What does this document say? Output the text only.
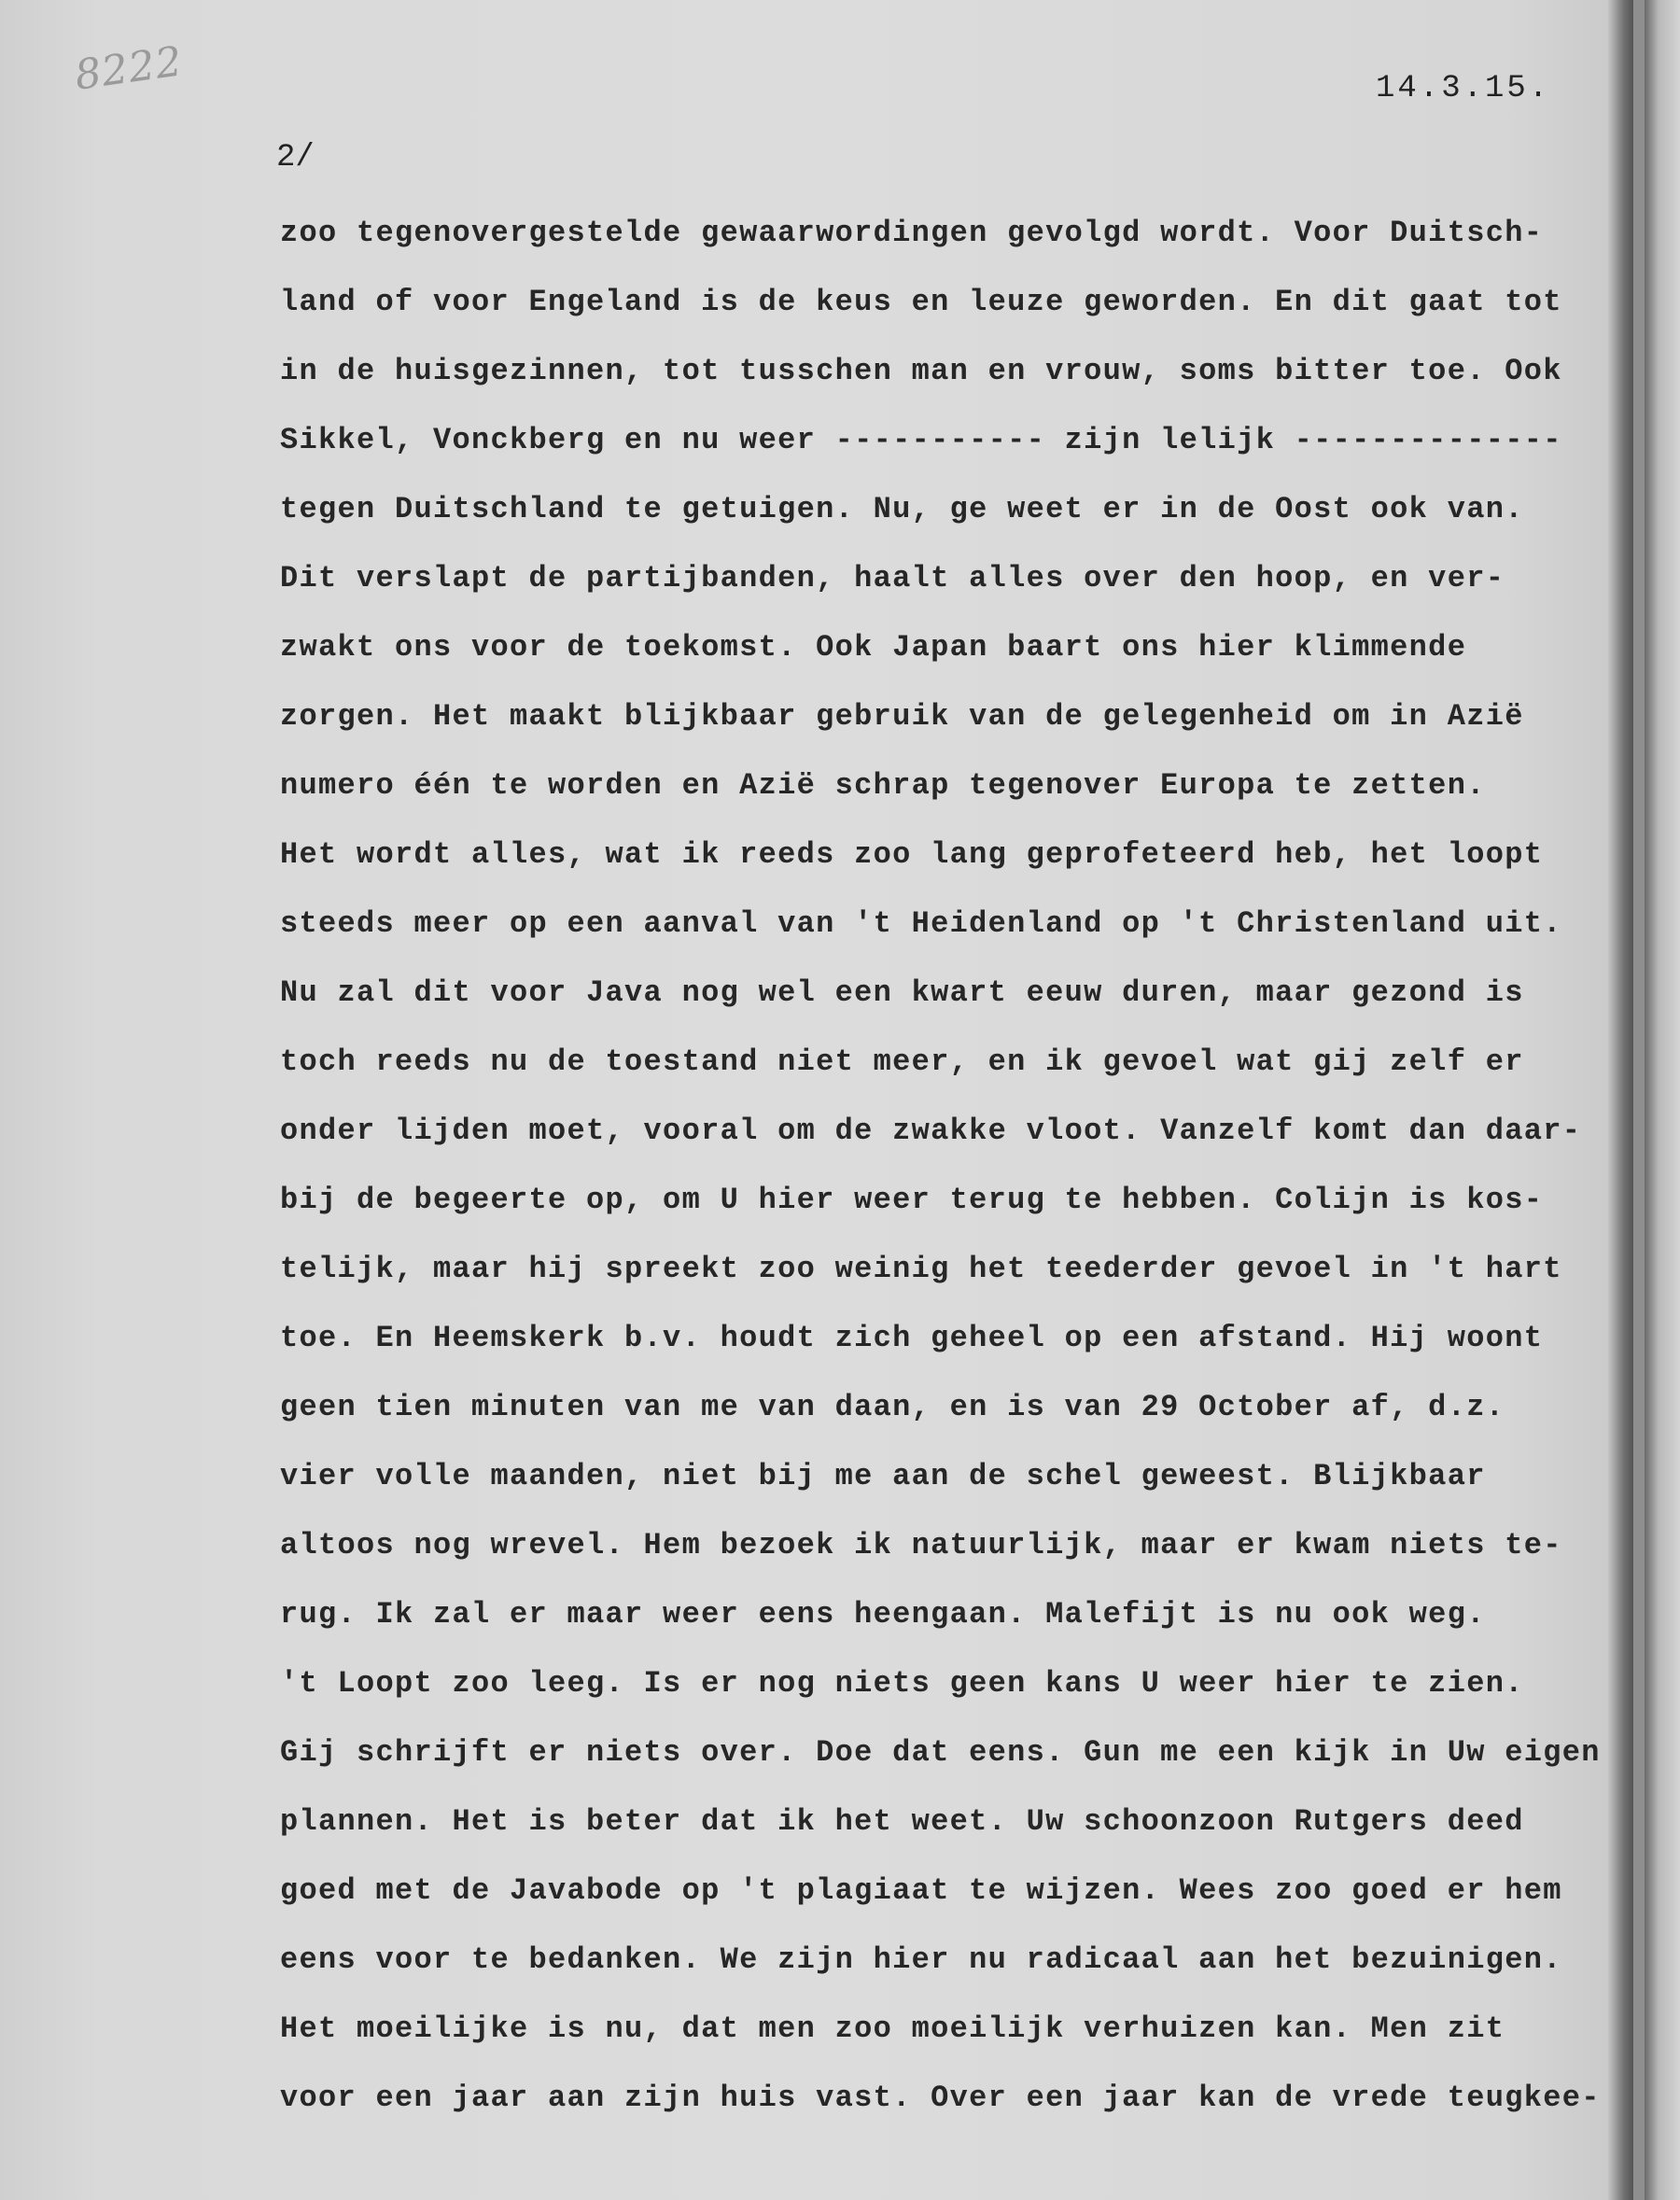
8222	14.3.15.
2/
zoo tegenovergestelde gewaarwordingen gevolgd wordt. Voor Duitsch-
land of voor Engeland is de keus en leuze geworden. En dit gaat tot
in de huisgezinnen, tot tusschen man en vrouw, soms bitter toe. Ook
Sikkel, Vonckberg en nu weer ----------- zijn lelijk --------------
tegen Duitschland te getuigen. Nu, ge weet er in de Oost ook van.
Dit verslapt de partijbanden, haalt alles over den hoop, en ver-
zwakt ons voor de toekomst. Ook Japan baart ons hier klimmende
zorgen. Het maakt blijkbaar gebruik van de gelegenheid om in Azië
numero één te worden en Azië schrap tegenover Europa te zetten.
Het wordt alles, wat ik reeds zoo lang geprofeteerd heb, het loopt
steeds meer op een aanval van 't Heidenland op 't Christenland uit.
Nu zal dit voor Java nog wel een kwart eeuw duren, maar gezond is
toch reeds nu de toestand niet meer, en ik gevoel wat gij zelf er
onder lijden moet, vooral om de zwakke vloot. Vanzelf komt dan daar-
bij de begeerte op, om U hier weer terug te hebben. Colijn is kos-
telijk, maar hij spreekt zoo weinig het teederder gevoel in 't hart
toe. En Heemskerk b.v. houdt zich geheel op een afstand. Hij woont
geen tien minuten van me van daan, en is van 29 October af, d.z.
vier volle maanden, niet bij me aan de schel geweest. Blijkbaar
altoos nog wrevel. Hem bezoek ik natuurlijk, maar er kwam niets te-
rug. Ik zal er maar weer eens heengaan. Malefijt is nu ook weg.
't Loopt zoo leeg. Is er nog niets geen kans U weer hier te zien.
Gij schrijft er niets over. Doe dat eens. Gun me een kijk in Uw eigen
plannen. Het is beter dat ik het weet. Uw schoonzoon Rutgers deed
goed met de Javabode op 't plagiaat te wijzen. Wees zoo goed er hem
eens voor te bedanken. We zijn hier nu radicaal aan het bezuinigen.
Het moeilijke is nu, dat men zoo moeilijk verhuizen kan. Men zit
voor een jaar aan zijn huis vast. Over een jaar kan de vrede teugkee-
